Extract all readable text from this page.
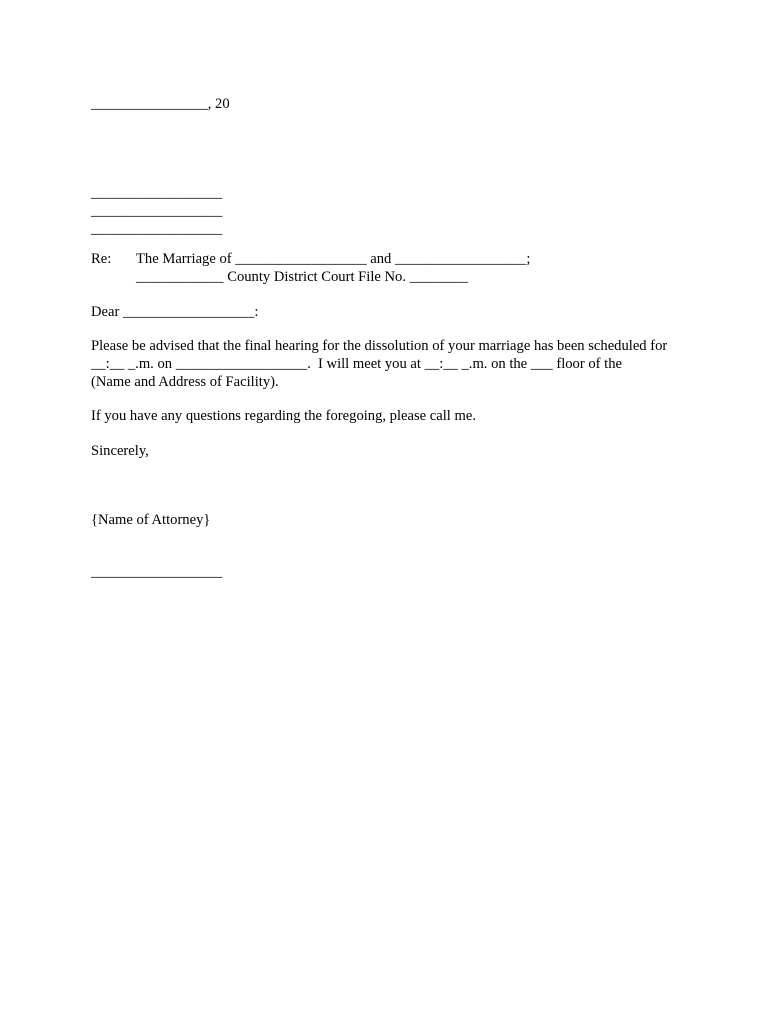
________________, 20
__________________
__________________
__________________
Re: The Marriage of __________________ and __________________;
____________ County District Court File No. ________
Dear __________________:
Please be advised that the final hearing for the dissolution of your marriage has been scheduled for
__:__ _.m. on __________________.  I will meet you at __:__ _.m. on the ___ floor of the
(Name and Address of Facility).
If you have any questions regarding the foregoing, please call me.
Sincerely,
{Name of Attorney}
__________________
